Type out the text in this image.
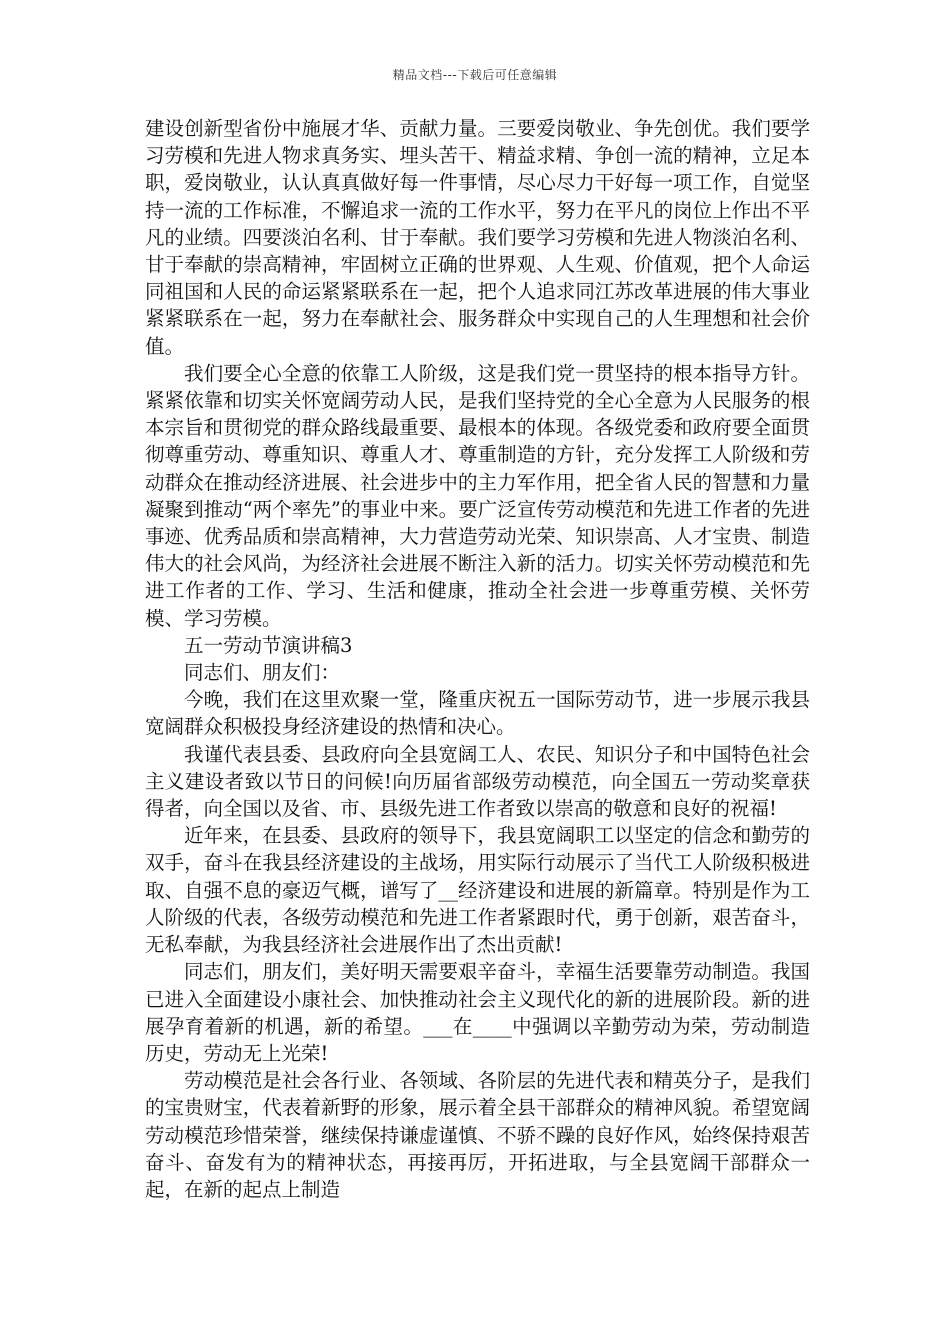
精品文档---下载后可任意编辑

建设创新型省份中施展才华、贡献力量。三要爱岗敬业、争先创优。我们要学习劳模和先进人物求真务实、埋头苦干、精益求精、争创一流的精神，立足本职，爱岗敬业，认认真真做好每一件事情，尽心尽力干好每一项工作，自觉坚持一流的工作标准，不懈追求一流的工作水平，努力在平凡的岗位上作出不平凡的业绩。四要淡泊名利、甘于奉献。我们要学习劳模和先进人物淡泊名利、甘于奉献的崇高精神，牢固树立正确的世界观、人生观、价值观，把个人命运同祖国和人民的命运紧紧联系在一起，把个人追求同江苏改革进展的伟大事业紧紧联系在一起，努力在奉献社会、服务群众中实现自己的人生理想和社会价值。

我们要全心全意的依靠工人阶级，这是我们党一贯坚持的根本指导方针。紧紧依靠和切实关怀宽阔劳动人民，是我们坚持党的全心全意为人民服务的根本宗旨和贯彻党的群众路线最重要、最根本的体现。各级党委和政府要全面贯彻尊重劳动、尊重知识、尊重人才、尊重制造的方针，充分发挥工人阶级和劳动群众在推动经济进展、社会进步中的主力军作用，把全省人民的智慧和力量凝聚到推动“两个率先”的事业中来。要广泛宣传劳动模范和先进工作者的先进事迹、优秀品质和崇高精神，大力营造劳动光荣、知识崇高、人才宝贵、制造伟大的社会风尚，为经济社会进展不断注入新的活力。切实关怀劳动模范和先进工作者的工作、学习、生活和健康，推动全社会进一步尊重劳模、关怀劳模、学习劳模。

五一劳动节演讲稿3

同志们、朋友们：

今晚，我们在这里欢聚一堂，隆重庆祝五一国际劳动节，进一步展示我县宽阔群众积极投身经济建设的热情和决心。

我谨代表县委、县政府向全县宽阔工人、农民、知识分子和中国特色社会主义建设者致以节日的问候!向历届省部级劳动模范，向全国五一劳动奖章获得者，向全国以及省、市、县级先进工作者致以崇高的敬意和良好的祝福!

近年来，在县委、县政府的领导下，我县宽阔职工以坚定的信念和勤劳的双手，奋斗在我县经济建设的主战场，用实际行动展示了当代工人阶级积极进取、自强不息的豪迈气概，谱写了__经济建设和进展的新篇章。特别是作为工人阶级的代表，各级劳动模范和先进工作者紧跟时代，勇于创新，艰苦奋斗，无私奉献，为我县经济社会进展作出了杰出贡献!

同志们，朋友们，美好明天需要艰辛奋斗，幸福生活要靠劳动制造。我国已进入全面建设小康社会、加快推动社会主义现代化的新的进展阶段。新的进展孕育着新的机遇，新的希望。___在____中强调以辛勤劳动为荣，劳动制造历史，劳动无上光荣!

劳动模范是社会各行业、各领域、各阶层的先进代表和精英分子，是我们的宝贵财宝，代表着新野的形象，展示着全县干部群众的精神风貌。希望宽阔劳动模范珍惜荣誉，继续保持谦虚谨慎、不骄不躁的良好作风，始终保持艰苦奋斗、奋发有为的精神状态，再接再厉，开拓进取，与全县宽阔干部群众一起，在新的起点上制造
